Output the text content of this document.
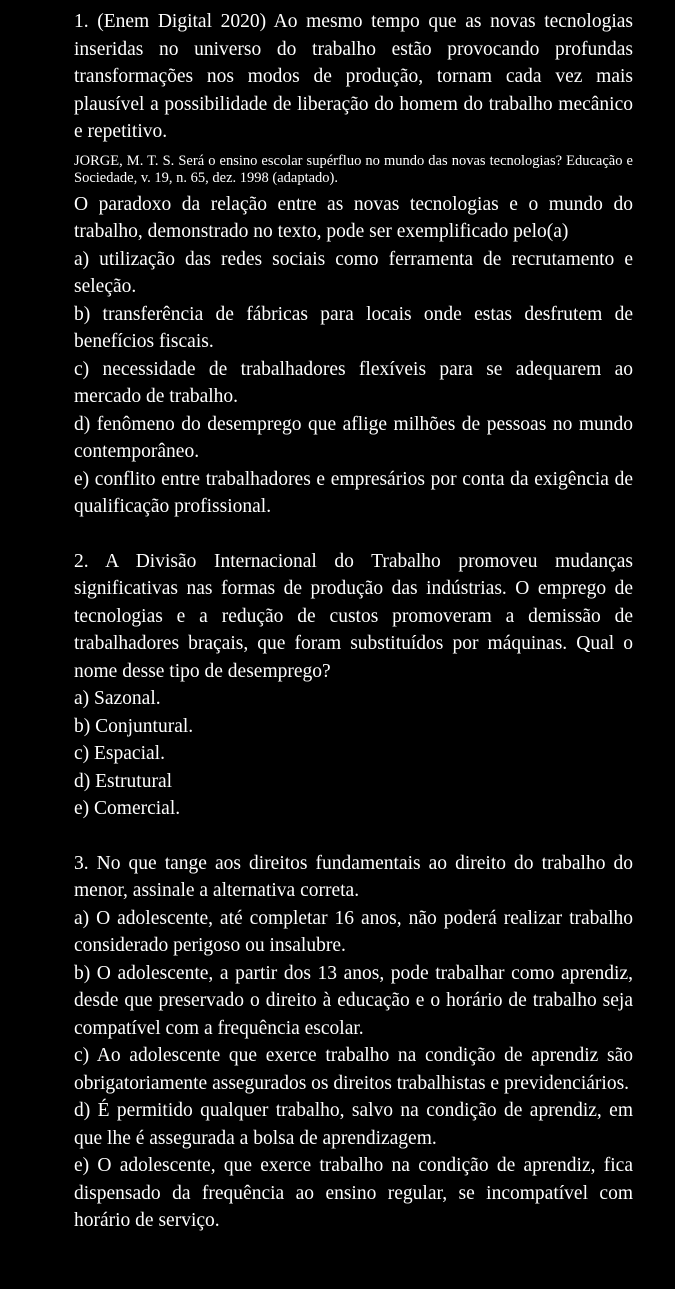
1. (Enem Digital 2020) Ao mesmo tempo que as novas tecnologias inseridas no universo do trabalho estão provocando profundas transformações nos modos de produção, tornam cada vez mais plausível a possibilidade de liberação do homem do trabalho mecânico e repetitivo.

JORGE, M. T. S. Será o ensino escolar supérfluo no mundo das novas tecnologias? Educação e Sociedade, v. 19, n. 65, dez. 1998 (adaptado).

O paradoxo da relação entre as novas tecnologias e o mundo do trabalho, demonstrado no texto, pode ser exemplificado pelo(a)

a) utilização das redes sociais como ferramenta de recrutamento e seleção.
b) transferência de fábricas para locais onde estas desfrutem de benefícios fiscais.
c) necessidade de trabalhadores flexíveis para se adequarem ao mercado de trabalho.
d) fenômeno do desemprego que aflige milhões de pessoas no mundo contemporâneo.
e) conflito entre trabalhadores e empresários por conta da exigência de qualificação profissional.

2. A Divisão Internacional do Trabalho promoveu mudanças significativas nas formas de produção das indústrias. O emprego de tecnologias e a redução de custos promoveram a demissão de trabalhadores braçais, que foram substituídos por máquinas. Qual o nome desse tipo de desemprego?

a) Sazonal.
b) Conjuntural.
c) Espacial.
d) Estrutural
e) Comercial.

3. No que tange aos direitos fundamentais ao direito do trabalho do menor, assinale a alternativa correta.

a) O adolescente, até completar 16 anos, não poderá realizar trabalho considerado perigoso ou insalubre.
b) O adolescente, a partir dos 13 anos, pode trabalhar como aprendiz, desde que preservado o direito à educação e o horário de trabalho seja compatível com a frequência escolar.
c) Ao adolescente que exerce trabalho na condição de aprendiz são obrigatoriamente assegurados os direitos trabalhistas e previdenciários.
d) É permitido qualquer trabalho, salvo na condição de aprendiz, em que lhe é assegurada a bolsa de aprendizagem.
e) O adolescente, que exerce trabalho na condição de aprendiz, fica dispensado da frequência ao ensino regular, se incompatível com horário de serviço.
